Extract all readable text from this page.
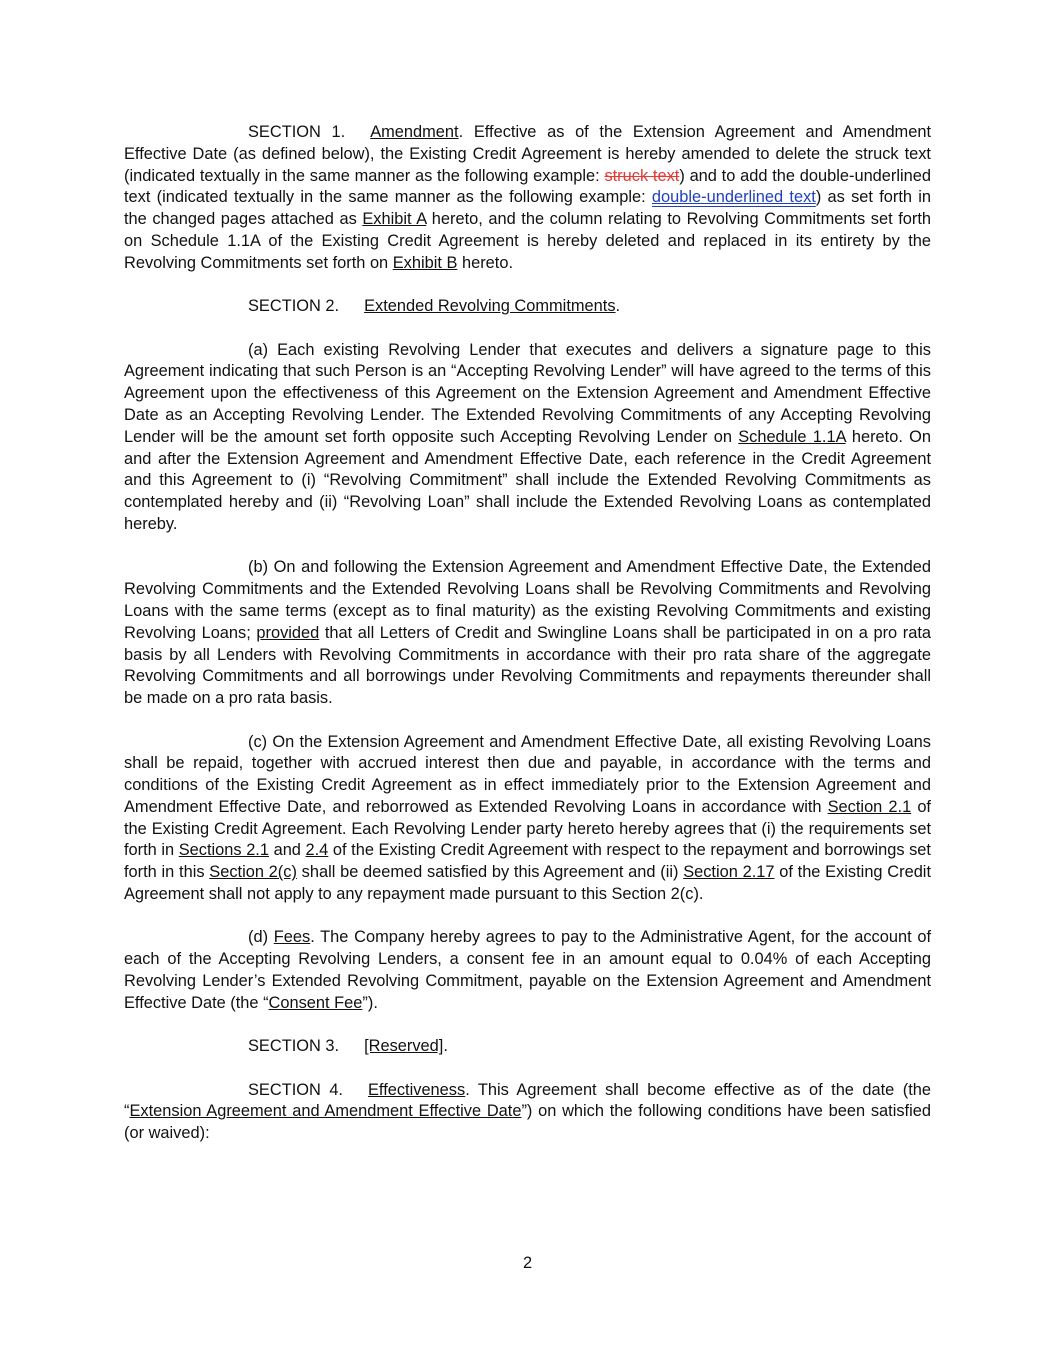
SECTION 1. Amendment. Effective as of the Extension Agreement and Amendment Effective Date (as defined below), the Existing Credit Agreement is hereby amended to delete the struck text (indicated textually in the same manner as the following example: struck text) and to add the double-underlined text (indicated textually in the same manner as the following example: double-underlined text) as set forth in the changed pages attached as Exhibit A hereto, and the column relating to Revolving Commitments set forth on Schedule 1.1A of the Existing Credit Agreement is hereby deleted and replaced in its entirety by the Revolving Commitments set forth on Exhibit B hereto.

SECTION 2. Extended Revolving Commitments.

(a) Each existing Revolving Lender that executes and delivers a signature page to this Agreement indicating that such Person is an “Accepting Revolving Lender” will have agreed to the terms of this Agreement upon the effectiveness of this Agreement on the Extension Agreement and Amendment Effective Date as an Accepting Revolving Lender. The Extended Revolving Commitments of any Accepting Revolving Lender will be the amount set forth opposite such Accepting Revolving Lender on Schedule 1.1A hereto. On and after the Extension Agreement and Amendment Effective Date, each reference in the Credit Agreement and this Agreement to (i) “Revolving Commitment” shall include the Extended Revolving Commitments as contemplated hereby and (ii) “Revolving Loan” shall include the Extended Revolving Loans as contemplated hereby.

(b) On and following the Extension Agreement and Amendment Effective Date, the Extended Revolving Commitments and the Extended Revolving Loans shall be Revolving Commitments and Revolving Loans with the same terms (except as to final maturity) as the existing Revolving Commitments and existing Revolving Loans; provided that all Letters of Credit and Swingline Loans shall be participated in on a pro rata basis by all Lenders with Revolving Commitments in accordance with their pro rata share of the aggregate Revolving Commitments and all borrowings under Revolving Commitments and repayments thereunder shall be made on a pro rata basis.

(c) On the Extension Agreement and Amendment Effective Date, all existing Revolving Loans shall be repaid, together with accrued interest then due and payable, in accordance with the terms and conditions of the Existing Credit Agreement as in effect immediately prior to the Extension Agreement and Amendment Effective Date, and reborrowed as Extended Revolving Loans in accordance with Section 2.1 of the Existing Credit Agreement. Each Revolving Lender party hereto hereby agrees that (i) the requirements set forth in Sections 2.1 and 2.4 of the Existing Credit Agreement with respect to the repayment and borrowings set forth in this Section 2(c) shall be deemed satisfied by this Agreement and (ii) Section 2.17 of the Existing Credit Agreement shall not apply to any repayment made pursuant to this Section 2(c).

(d) Fees. The Company hereby agrees to pay to the Administrative Agent, for the account of each of the Accepting Revolving Lenders, a consent fee in an amount equal to 0.04% of each Accepting Revolving Lender’s Extended Revolving Commitment, payable on the Extension Agreement and Amendment Effective Date (the “Consent Fee”).

SECTION 3. [Reserved].

SECTION 4. Effectiveness. This Agreement shall become effective as of the date (the “Extension Agreement and Amendment Effective Date”) on which the following conditions have been satisfied (or waived):

2
